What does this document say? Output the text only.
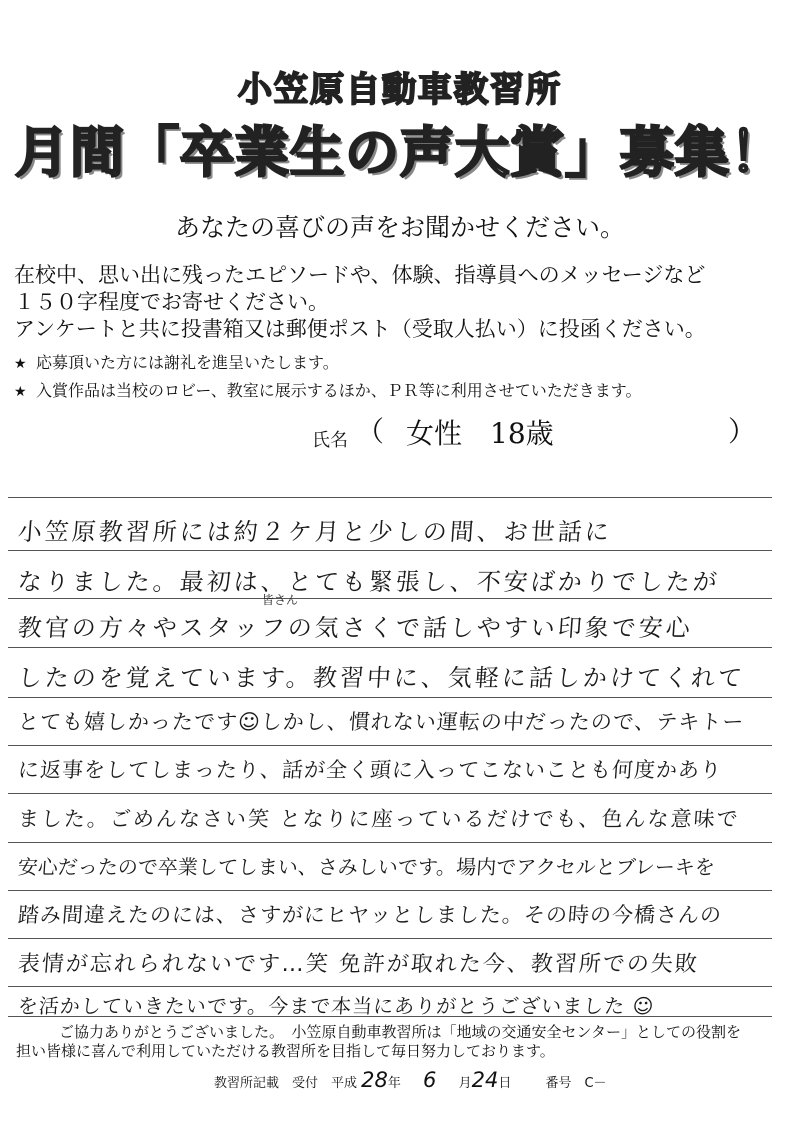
小笠原自動車教習所
月間「卒業生の声大賞」募集！
あなたの喜びの声をお聞かせください。
在校中、思い出に残ったエピソードや、体験、指導員へのメッセージなど
１５０字程度でお寄せください。
アンケートと共に投書箱又は郵便ポスト（受取人払い）に投函ください。
★ 応募頂いた方には謝礼を進呈いたします。
★ 入賞作品は当校のロビー、教室に展示するほか、ＰＲ等に利用させていただきます。
氏名 （ 女性　18歳	）
小笠原教習所には約２ケ月と少しの間、お世話に
なりました。最初は、とても緊張し、不安ばかりでしたが
皆さん
教官の方々やスタッフの気さくで話しやすい印象で安心
したのを覚えています。教習中に、気軽に話しかけてくれて
とても嬉しかったです☺しかし、慣れない運転の中だったので、テキトー
に返事をしてしまったり、話が全く頭に入ってこないことも何度かあり
ました。ごめんなさい笑 となりに座っているだけでも、色んな意味で
安心だったので卒業してしまい、さみしいです。場内でアクセルとブレーキを
踏み間違えたのには、さすがにヒヤッとしました。その時の今橋さんの
表情が忘れられないです…笑 免許が取れた今、教習所での失敗
を活かしていきたいです。今まで本当にありがとうございました ☺
ご協力ありがとうございました。　小笠原自動車教習所は「地域の交通安全センター」としての役割を
担い皆様に喜んで利用していただける教習所を目指して毎日努力しております。
教習所記載　受付　平成 28年 6 月24日	番号　C－
